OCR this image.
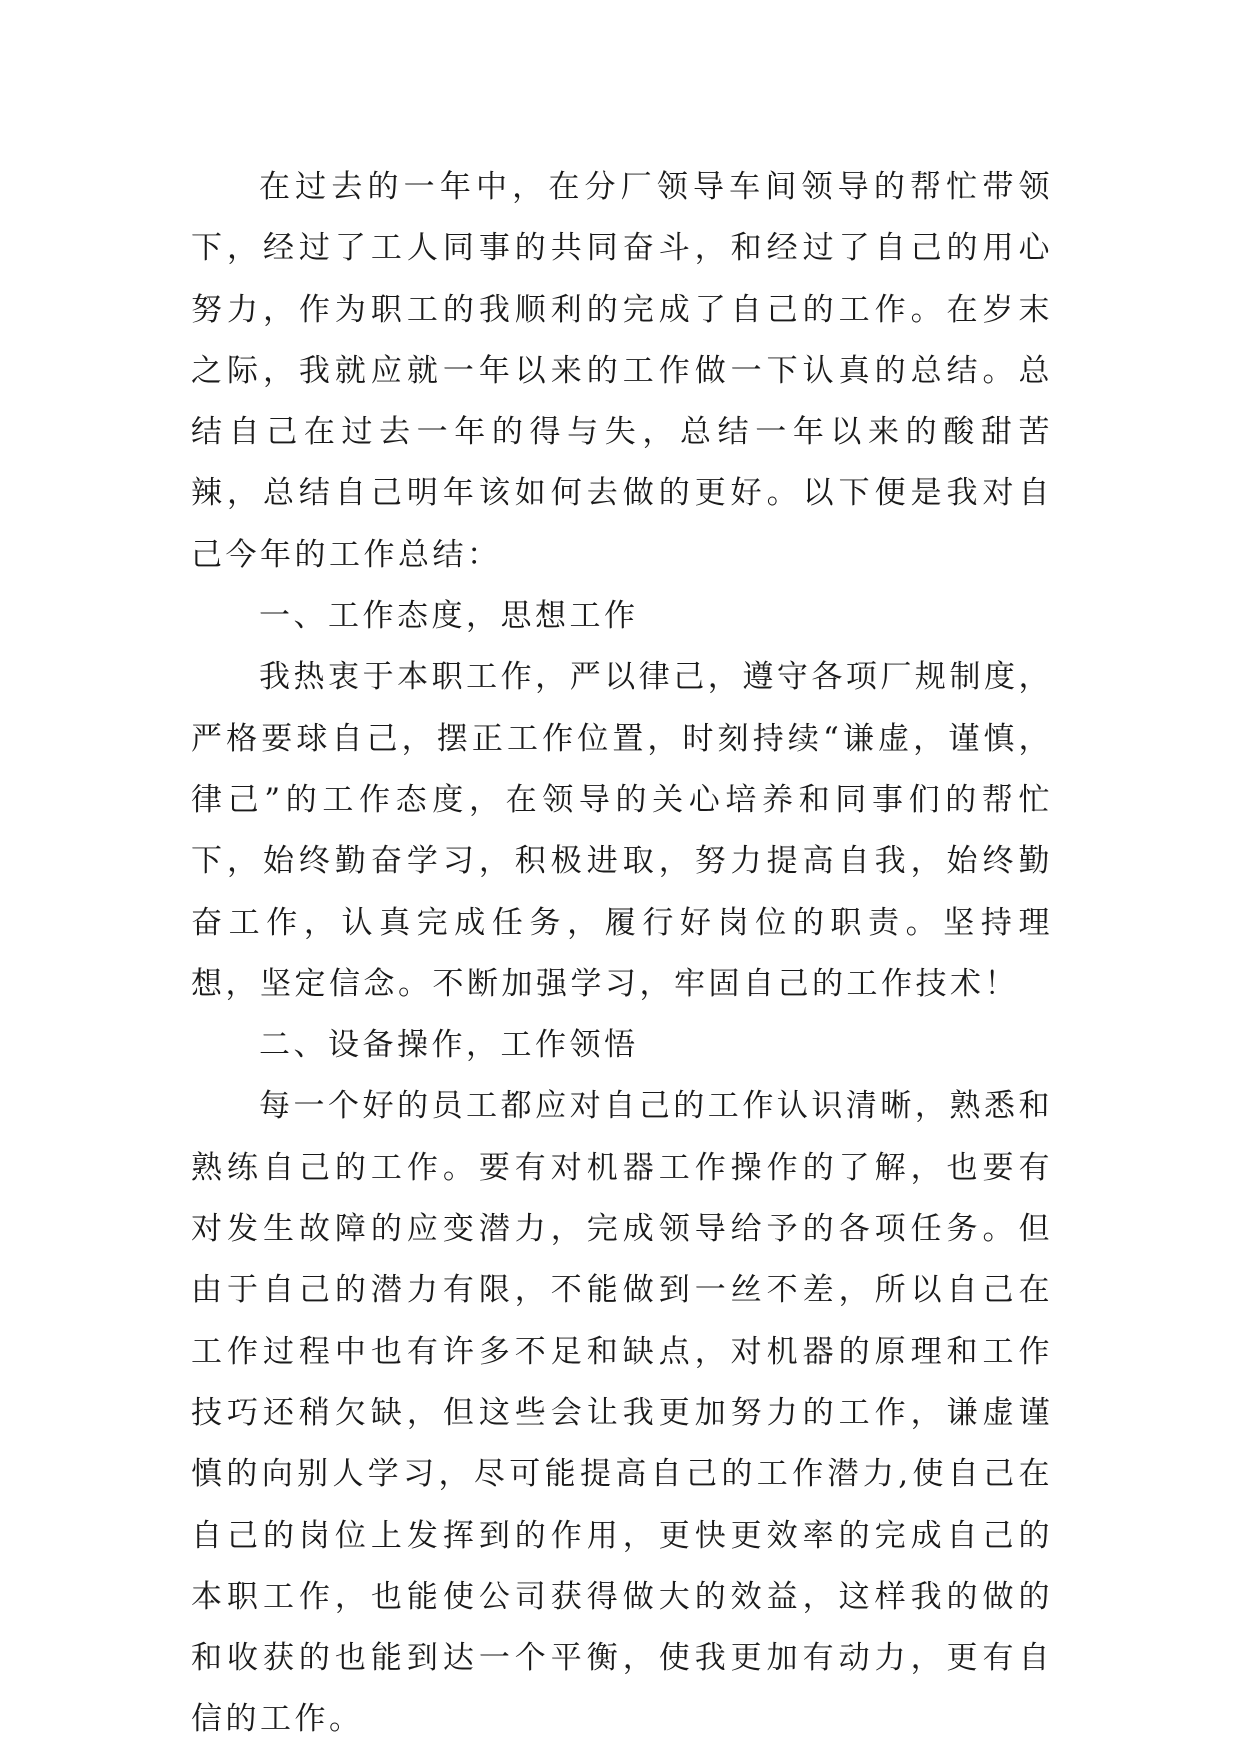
在过去的一年中，在分厂领导车间领导的帮忙带领下，经过了工人同事的共同奋斗，和经过了自己的用心努力，作为职工的我顺利的完成了自己的工作。在岁末之际，我就应就一年以来的工作做一下认真的总结。总结自己在过去一年的得与失，总结一年以来的酸甜苦辣，总结自己明年该如何去做的更好。以下便是我对自己今年的工作总结：

一、工作态度，思想工作

我热衷于本职工作，严以律己，遵守各项厂规制度，严格要球自己，摆正工作位置，时刻持续“谦虚，谨慎，律己”的工作态度，在领导的关心培养和同事们的帮忙下，始终勤奋学习，积极进取，努力提高自我，始终勤奋工作，认真完成任务，履行好岗位的职责。坚持理想，坚定信念。不断加强学习，牢固自己的工作技术！

二、设备操作，工作领悟

每一个好的员工都应对自己的工作认识清晰，熟悉和熟练自己的工作。要有对机器工作操作的了解，也要有对发生故障的应变潜力，完成领导给予的各项任务。但由于自己的潜力有限，不能做到一丝不差，所以自己在工作过程中也有许多不足和缺点，对机器的原理和工作技巧还稍欠缺，但这些会让我更加努力的工作，谦虚谨慎的向别人学习，尽可能提高自己的工作潜力,使自己在自己的岗位上发挥到的作用，更快更效率的完成自己的本职工作，也能使公司获得做大的效益，这样我的做的和收获的也能到达一个平衡，使我更加有动力，更有自信的工作。
